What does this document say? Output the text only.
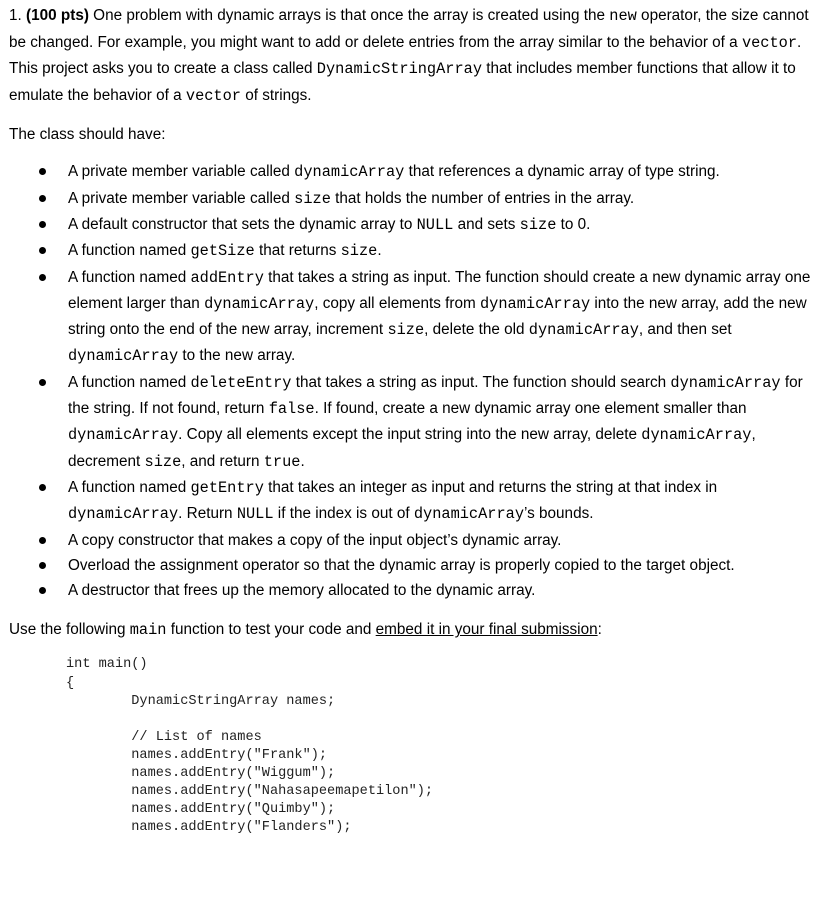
1. (100 pts) One problem with dynamic arrays is that once the array is created using the new operator, the size cannot be changed. For example, you might want to add or delete entries from the array similar to the behavior of a vector. This project asks you to create a class called DynamicStringArray that includes member functions that allow it to emulate the behavior of a vector of strings.

The class should have:

A private member variable called dynamicArray that references a dynamic array of type string.
A private member variable called size that holds the number of entries in the array.
A default constructor that sets the dynamic array to NULL and sets size to 0.
A function named getSize that returns size.
A function named addEntry that takes a string as input. The function should create a new dynamic array one element larger than dynamicArray, copy all elements from dynamicArray into the new array, add the new string onto the end of the new array, increment size, delete the old dynamicArray, and then set dynamicArray to the new array.
A function named deleteEntry that takes a string as input. The function should search dynamicArray for the string. If not found, return false. If found, create a new dynamic array one element smaller than dynamicArray. Copy all elements except the input string into the new array, delete dynamicArray, decrement size, and return true.
A function named getEntry that takes an integer as input and returns the string at that index in dynamicArray. Return NULL if the index is out of dynamicArray’s bounds.
A copy constructor that makes a copy of the input object’s dynamic array.
Overload the assignment operator so that the dynamic array is properly copied to the target object.
A destructor that frees up the memory allocated to the dynamic array.

Use the following main function to test your code and embed it in your final submission:

int main()
{
DynamicStringArray names;

// List of names
names.addEntry("Frank");
names.addEntry("Wiggum");
names.addEntry("Nahasapeemapetilon");
names.addEntry("Quimby");
names.addEntry("Flanders");
